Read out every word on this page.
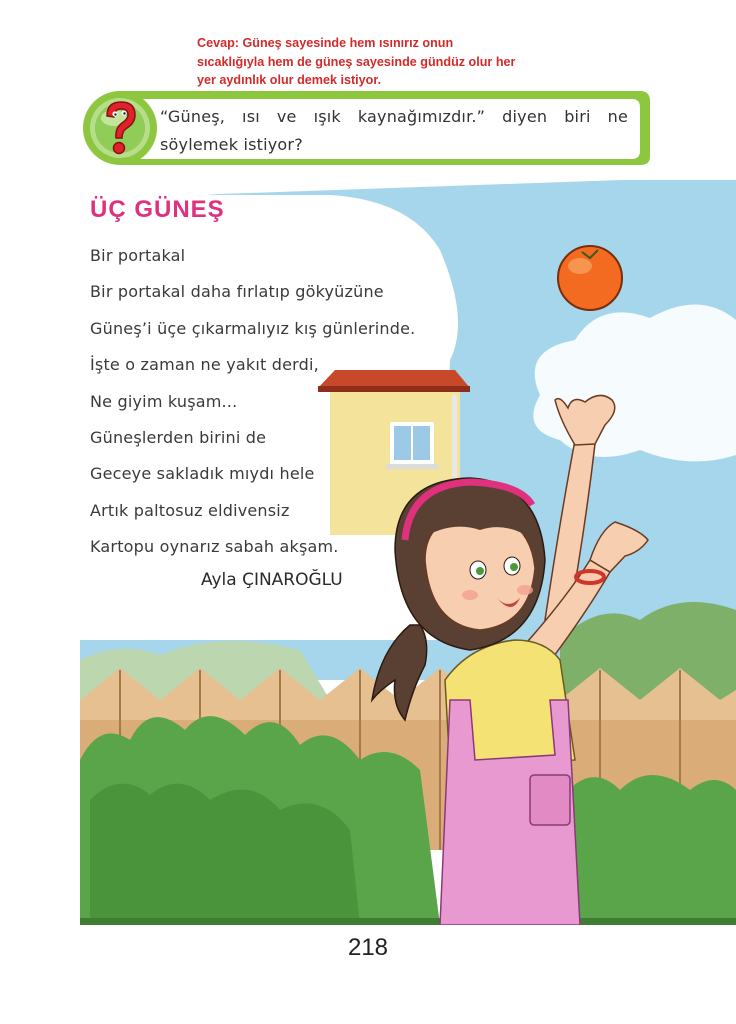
Cevap: Güneş sayesinde hem ısınırız onun
sıcaklığıyla hem de güneş sayesinde gündüz olur her
yer aydınlık olur demek istiyor.

“Güneş, ısı ve ışık kaynağımızdır.” diyen biri ne söylemek istiyor?

ÜÇ GÜNEŞ
Bir portakal
Bir portakal daha fırlatıp gökyüzüne
Güneş’i üçe çıkarmalıyız kış günlerinde.
İşte o zaman ne yakıt derdi,
Ne giyim kuşam...
Güneşlerden birini de
Geceye sakladık mıydı hele
Artık paltosuz eldivensiz
Kartopu oynarız sabah akşam.

Ayla ÇINAROĞLU

218
